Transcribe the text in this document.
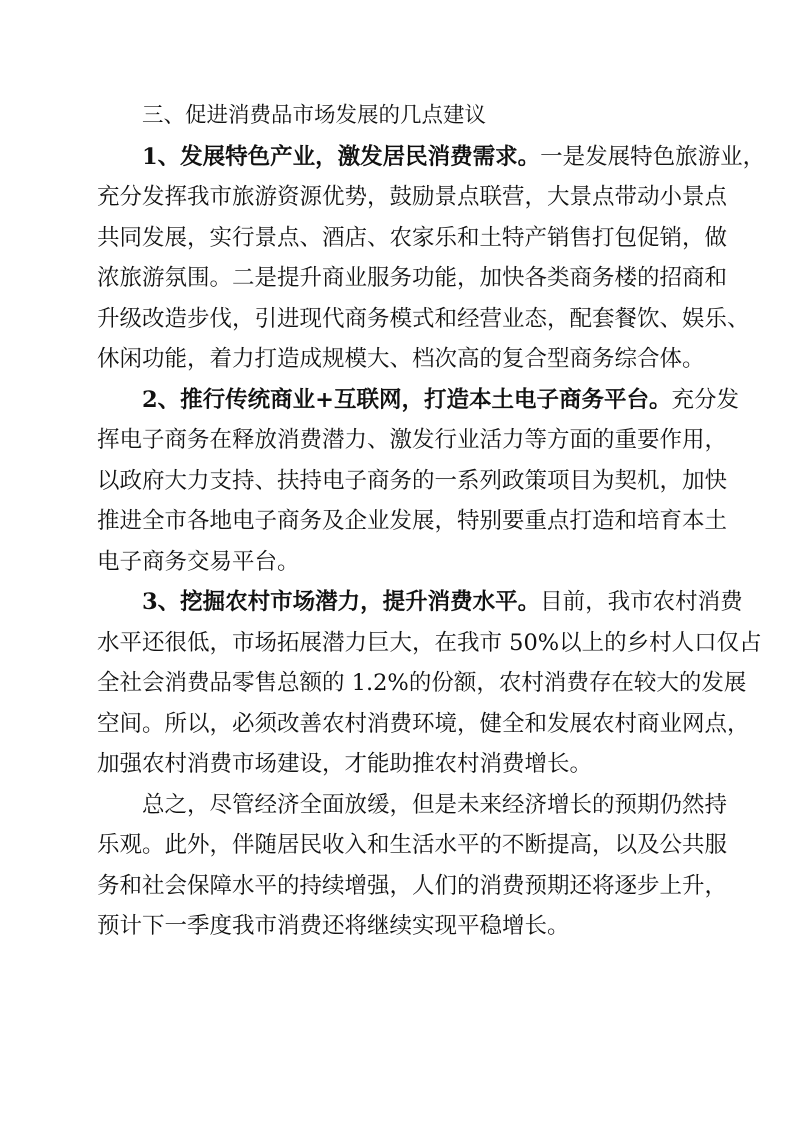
三、促进消费品市场发展的几点建议
1、发展特色产业，激发居民消费需求。一是发展特色旅游业，
充分发挥我市旅游资源优势，鼓励景点联营，大景点带动小景点
共同发展，实行景点、酒店、农家乐和土特产销售打包促销，做
浓旅游氛围。二是提升商业服务功能，加快各类商务楼的招商和
升级改造步伐，引进现代商务模式和经营业态，配套餐饮、娱乐、
休闲功能，着力打造成规模大、档次高的复合型商务综合体。
2、推行传统商业+互联网，打造本土电子商务平台。充分发
挥电子商务在释放消费潜力、激发行业活力等方面的重要作用，
以政府大力支持、扶持电子商务的一系列政策项目为契机，加快
推进全市各地电子商务及企业发展，特别要重点打造和培育本土
电子商务交易平台。
3、挖掘农村市场潜力，提升消费水平。目前，我市农村消费
水平还很低，市场拓展潜力巨大，在我市 50%以上的乡村人口仅占
全社会消费品零售总额的 1.2%的份额，农村消费存在较大的发展
空间。所以，必须改善农村消费环境，健全和发展农村商业网点，
加强农村消费市场建设，才能助推农村消费增长。
总之，尽管经济全面放缓，但是未来经济增长的预期仍然持
乐观。此外，伴随居民收入和生活水平的不断提高，以及公共服
务和社会保障水平的持续增强，人们的消费预期还将逐步上升，
预计下一季度我市消费还将继续实现平稳增长。
